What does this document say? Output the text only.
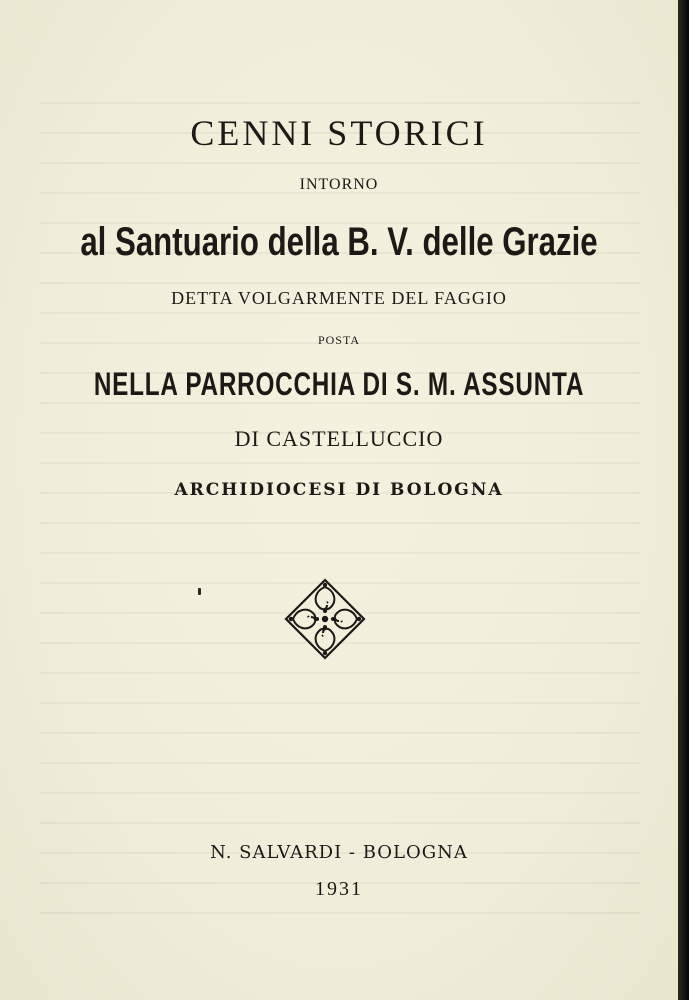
CENNI STORICI
INTORNO
al Santuario della B. V. delle Grazie
DETTA VOLGARMENTE DEL FAGGIO
POSTA
NELLA PARROCCHIA DI S. M. ASSUNTA
DI CASTELLUCCIO
ARCHIDIOCESI DI BOLOGNA
N. SALVARDI - BOLOGNA
1931
